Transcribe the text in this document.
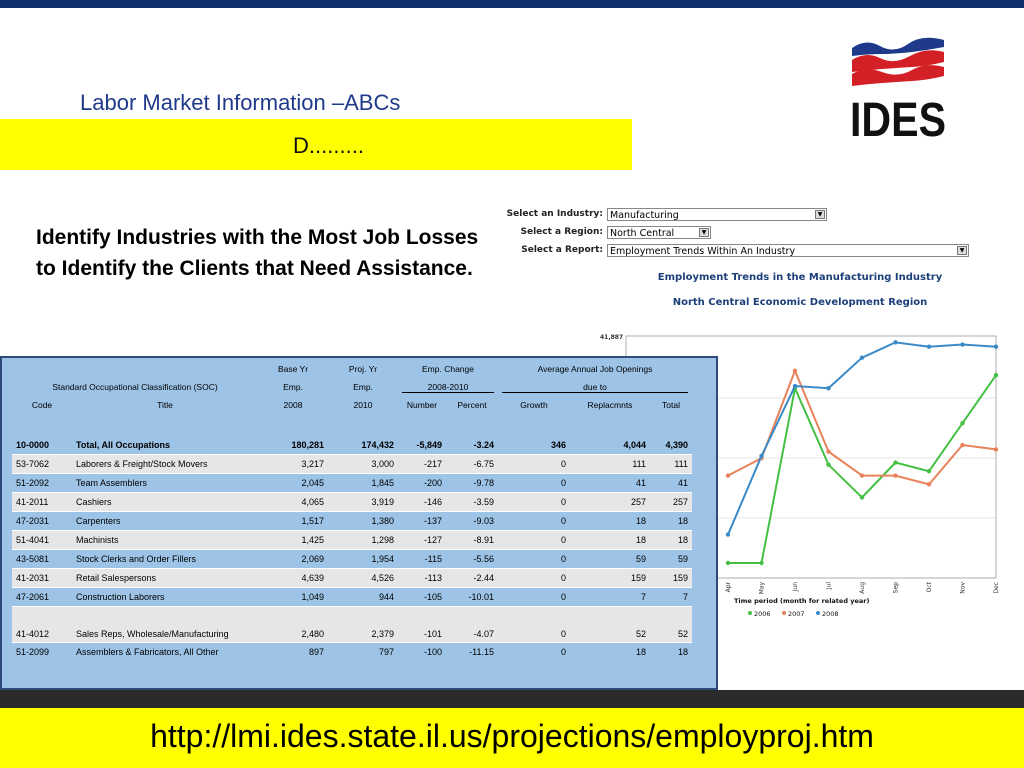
Labor Market Information –ABCs
D.........	IDES
Identify Industries with the Most Job Losses to Identify the Clients that Need Assistance.
Select an Industry: Manufacturing	▼
Select a Region: North Central	▼
Select a Report: Employment Trends Within An Industry	▼
Employment Trends in the Manufacturing Industry
North Central Economic Development Region
41,887
Apr	May	Jun	Jul	Aug	Sep	Oct	Nov	Dec
Time period (month for related year)
2006	2007	2008
		Base Yr	Proj. Yr	Emp. Change		Average Annual Job Openings		
Standard Occupational Classification (SOC)		Emp.	Emp.	2008-2010		due to		
Code	Title	2008	2010	Number	Percent	Growth	Replacmnts	Total

10-0000	Total, All Occupations	180,281	174,432	-5,849	-3.24	346	4,044	4,390
53-7062	Laborers & Freight/Stock Movers	3,217	3,000	-217	-6.75	0	111	111
51-2092	Team Assemblers	2,045	1,845	-200	-9.78	0	41	41
41-2011	Cashiers	4,065	3,919	-146	-3.59	0	257	257
47-2031	Carpenters	1,517	1,380	-137	-9.03	0	18	18
51-4041	Machinists	1,425	1,298	-127	-8.91	0	18	18
43-5081	Stock Clerks and Order Fillers	2,069	1,954	-115	-5.56	0	59	59
41-2031	Retail Salespersons	4,639	4,526	-113	-2.44	0	159	159
47-2061	Construction Laborers	1,049	944	-105	-10.01	0	7	7
41-4012	Sales Reps, Wholesale/Manufacturing	2,480	2,379	-101	-4.07	0	52	52
51-2099	Assemblers & Fabricators, All Other	897	797	-100	-11.15	0	18	18
http://lmi.ides.state.il.us/projections/employproj.htm
